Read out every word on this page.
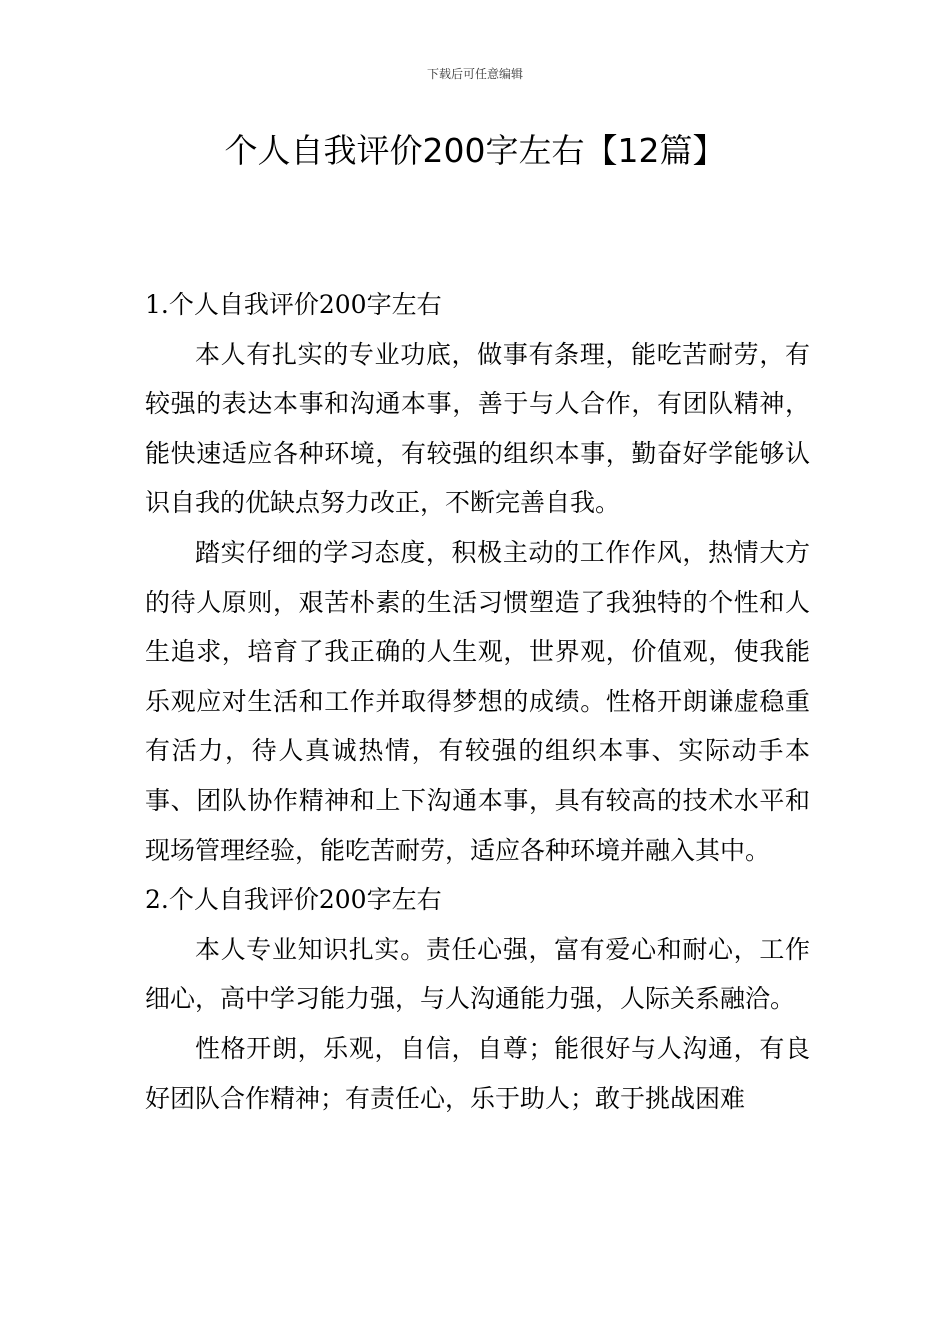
下载后可任意编辑
个人自我评价200字左右【12篇】
1.个人自我评价200字左右

本人有扎实的专业功底，做事有条理，能吃苦耐劳，有较强的表达本事和沟通本事，善于与人合作，有团队精神，能快速适应各种环境，有较强的组织本事，勤奋好学能够认识自我的优缺点努力改正，不断完善自我。

踏实仔细的学习态度，积极主动的工作作风，热情大方的待人原则，艰苦朴素的生活习惯塑造了我独特的个性和人生追求，培育了我正确的人生观，世界观，价值观，使我能乐观应对生活和工作并取得梦想的成绩。性格开朗谦虚稳重有活力，待人真诚热情，有较强的组织本事、实际动手本事、团队协作精神和上下沟通本事，具有较高的技术水平和现场管理经验，能吃苦耐劳，适应各种环境并融入其中。

2.个人自我评价200字左右

本人专业知识扎实。责任心强，富有爱心和耐心，工作细心，高中学习能力强，与人沟通能力强，人际关系融洽。

性格开朗，乐观，自信，自尊；能很好与人沟通，有良好团队合作精神；有责任心，乐于助人；敢于挑战困难
